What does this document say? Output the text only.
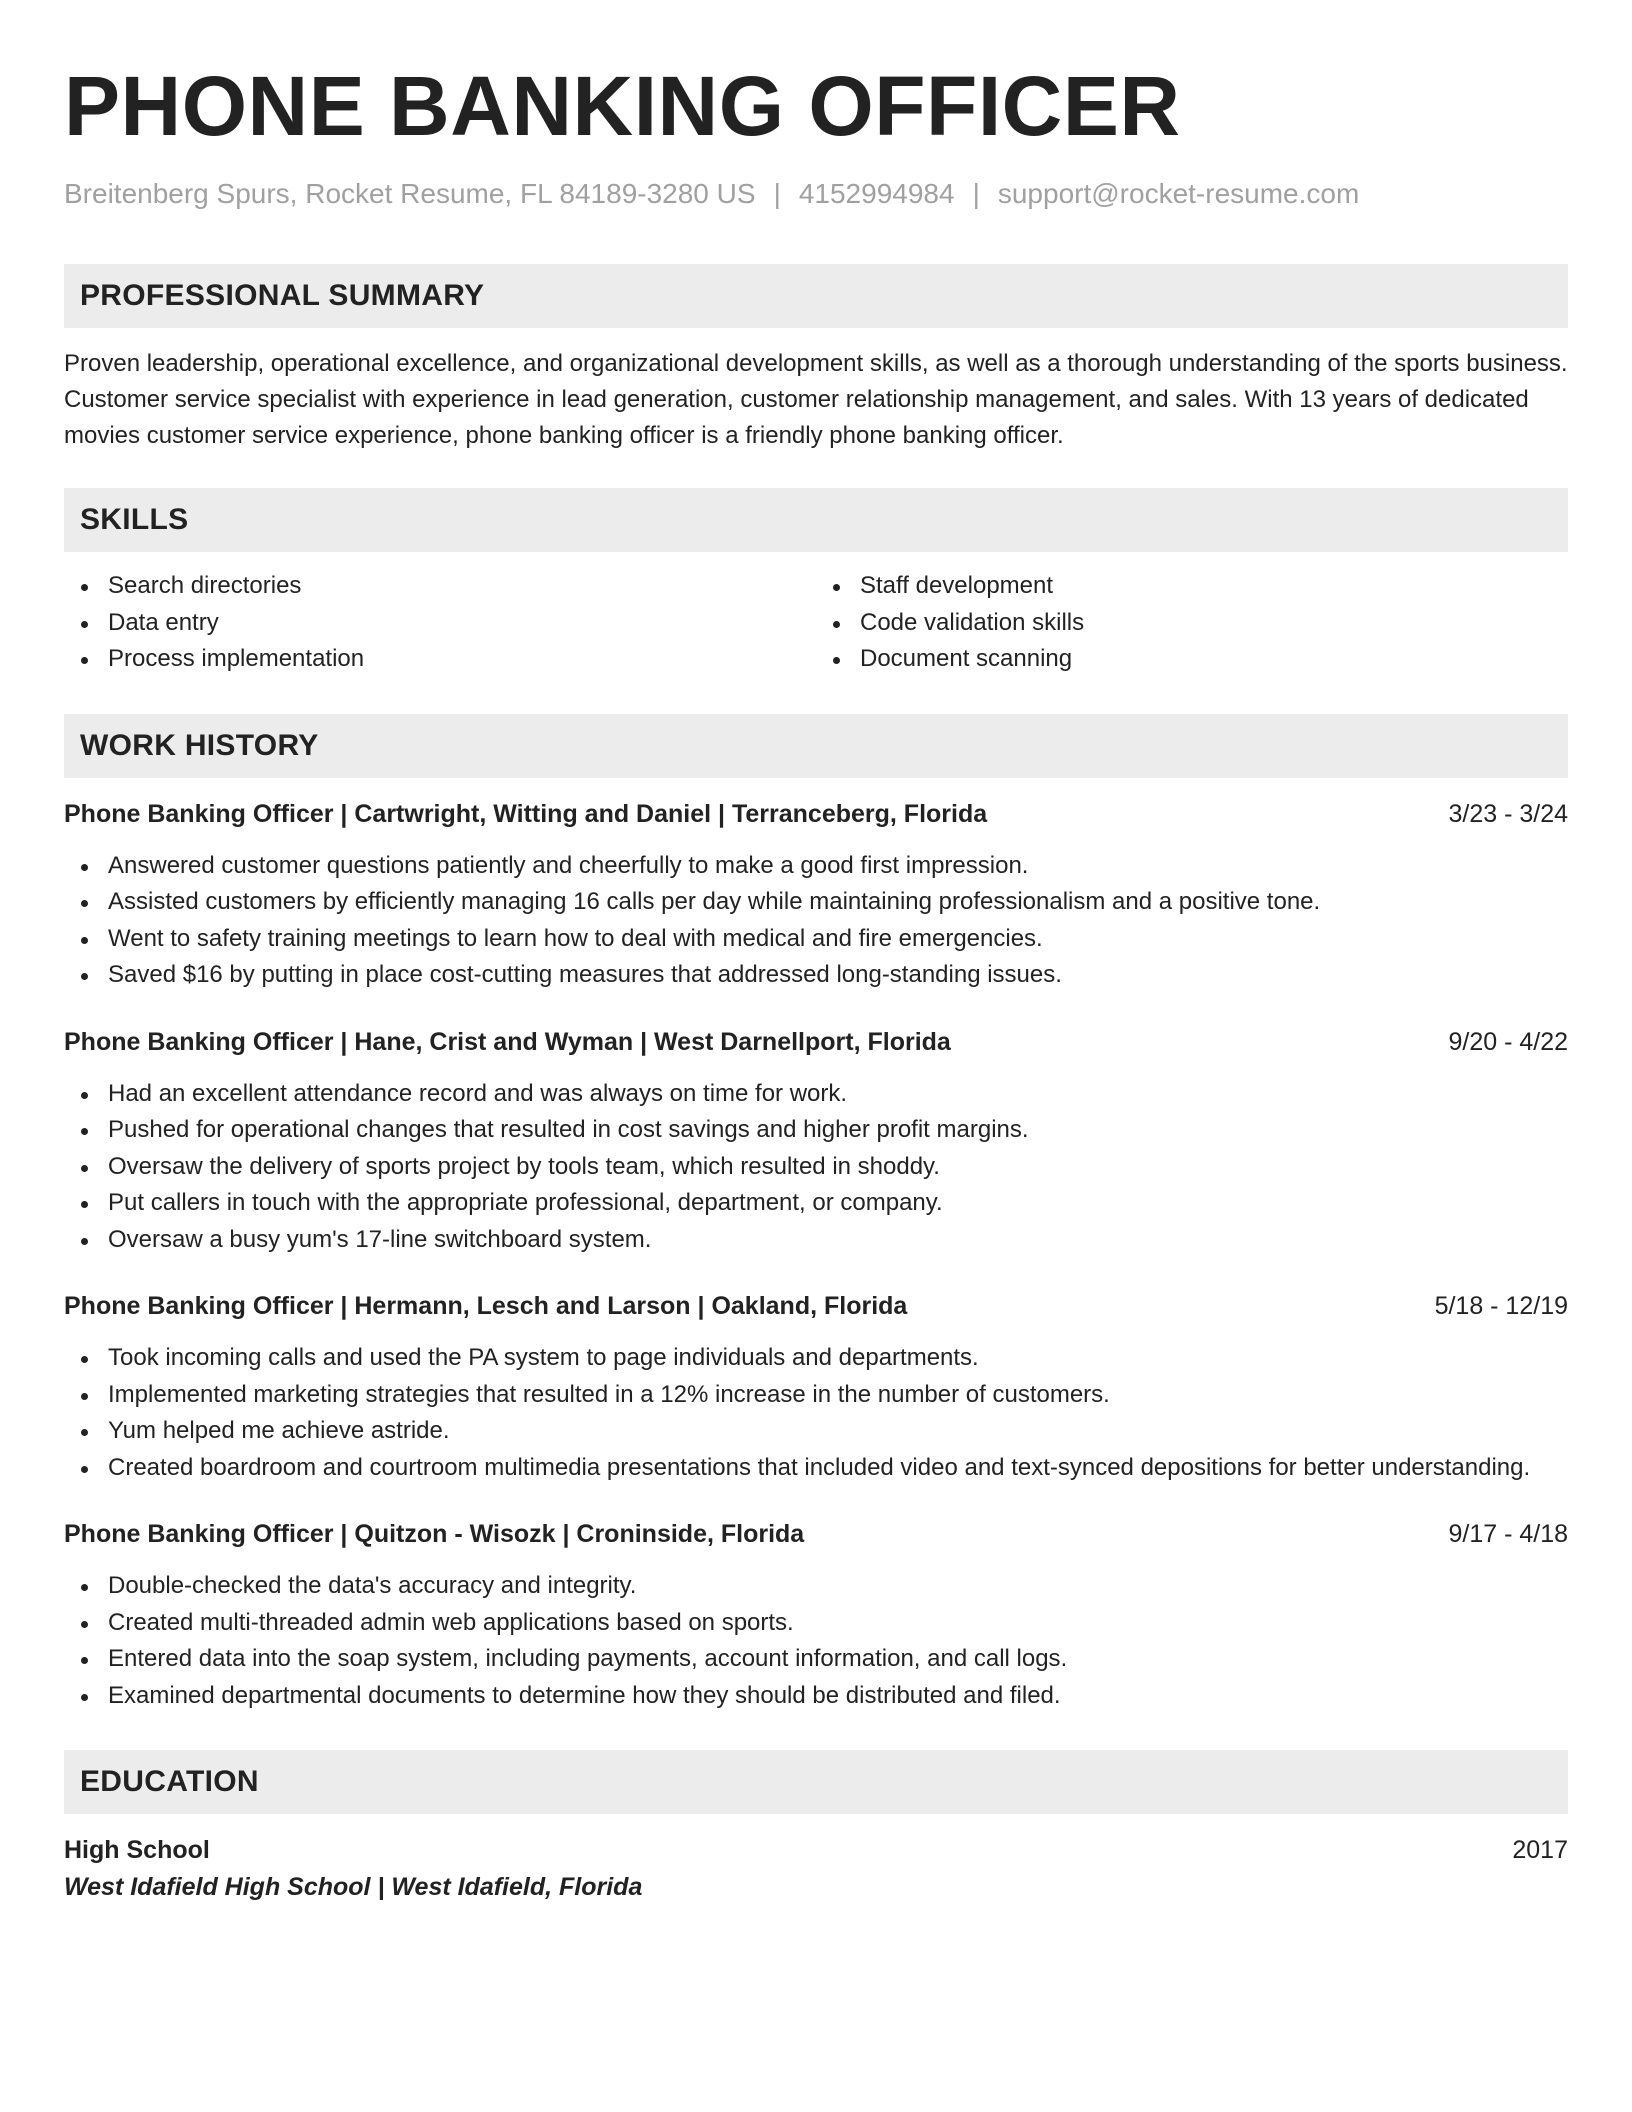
PHONE BANKING OFFICER
Breitenberg Spurs, Rocket Resume, FL 84189-3280 US | 4152994984 | support@rocket-resume.com
PROFESSIONAL SUMMARY

Proven leadership, operational excellence, and organizational development skills, as well as a thorough understanding of the sports business. Customer service specialist with experience in lead generation, customer relationship management, and sales. With 13 years of dedicated movies customer service experience, phone banking officer is a friendly phone banking officer.

SKILLS
Search directories
Data entry
Process implementation
Staff development
Code validation skills
Document scanning
WORK HISTORY
Phone Banking Officer | Cartwright, Witting and Daniel | Terranceberg, Florida	3/23 - 3/24
Answered customer questions patiently and cheerfully to make a good first impression.
Assisted customers by efficiently managing 16 calls per day while maintaining professionalism and a positive tone.
Went to safety training meetings to learn how to deal with medical and fire emergencies.
Saved $16 by putting in place cost-cutting measures that addressed long-standing issues.
Phone Banking Officer | Hane, Crist and Wyman | West Darnellport, Florida	9/20 - 4/22
Had an excellent attendance record and was always on time for work.
Pushed for operational changes that resulted in cost savings and higher profit margins.
Oversaw the delivery of sports project by tools team, which resulted in shoddy.
Put callers in touch with the appropriate professional, department, or company.
Oversaw a busy yum's 17-line switchboard system.
Phone Banking Officer | Hermann, Lesch and Larson | Oakland, Florida	5/18 - 12/19
Took incoming calls and used the PA system to page individuals and departments.
Implemented marketing strategies that resulted in a 12% increase in the number of customers.
Yum helped me achieve astride.
Created boardroom and courtroom multimedia presentations that included video and text-synced depositions for better understanding.
Phone Banking Officer | Quitzon - Wisozk | Croninside, Florida	9/17 - 4/18
Double-checked the data's accuracy and integrity.
Created multi-threaded admin web applications based on sports.
Entered data into the soap system, including payments, account information, and call logs.
Examined departmental documents to determine how they should be distributed and filed.
EDUCATION
High School	2017
West Idafield High School | West Idafield, Florida
